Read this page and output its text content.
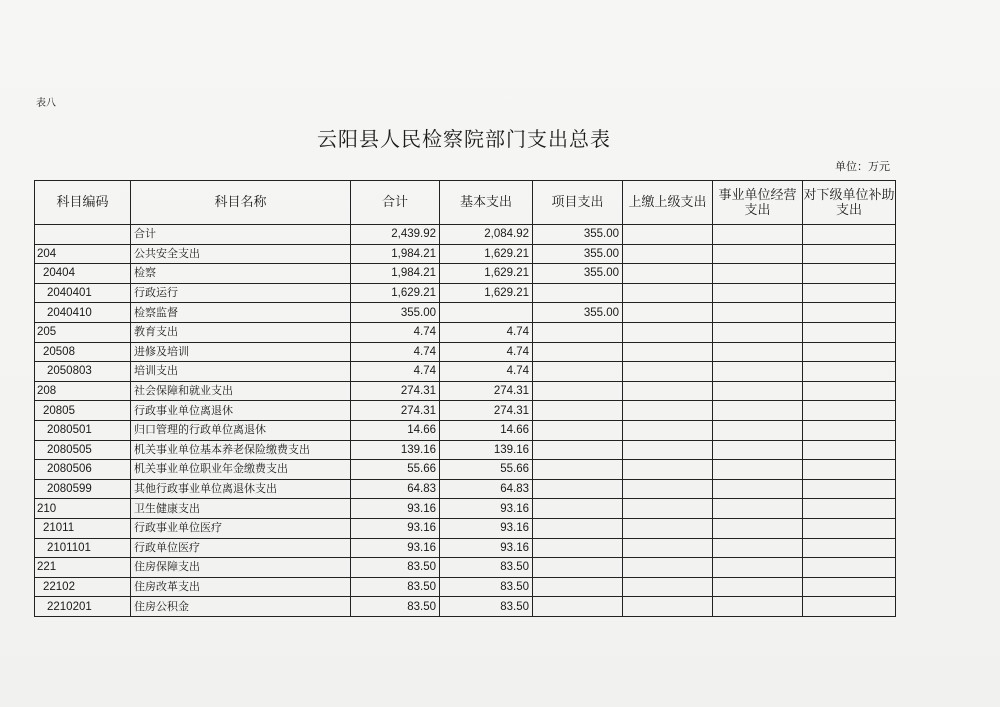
表八
云阳县人民检察院部门支出总表
单位：万元
科目编码	科目名称	合计	基本支出	项目支出	上缴上级支出	事业单位经营支出	对下级单位补助支出
	合计	2,439.92	2,084.92	355.00			
204	公共安全支出	1,984.21	1,629.21	355.00			
20404	检察	1,984.21	1,629.21	355.00			
2040401	行政运行	1,629.21	1,629.21				
2040410	检察监督	355.00		355.00			
205	教育支出	4.74	4.74				
20508	进修及培训	4.74	4.74				
2050803	培训支出	4.74	4.74				
208	社会保障和就业支出	274.31	274.31				
20805	行政事业单位离退休	274.31	274.31				
2080501	归口管理的行政单位离退休	14.66	14.66				
2080505	机关事业单位基本养老保险缴费支出	139.16	139.16				
2080506	机关事业单位职业年金缴费支出	55.66	55.66				
2080599	其他行政事业单位离退休支出	64.83	64.83				
210	卫生健康支出	93.16	93.16				
21011	行政事业单位医疗	93.16	93.16				
2101101	行政单位医疗	93.16	93.16				
221	住房保障支出	83.50	83.50				
22102	住房改革支出	83.50	83.50				
2210201	住房公积金	83.50	83.50				
